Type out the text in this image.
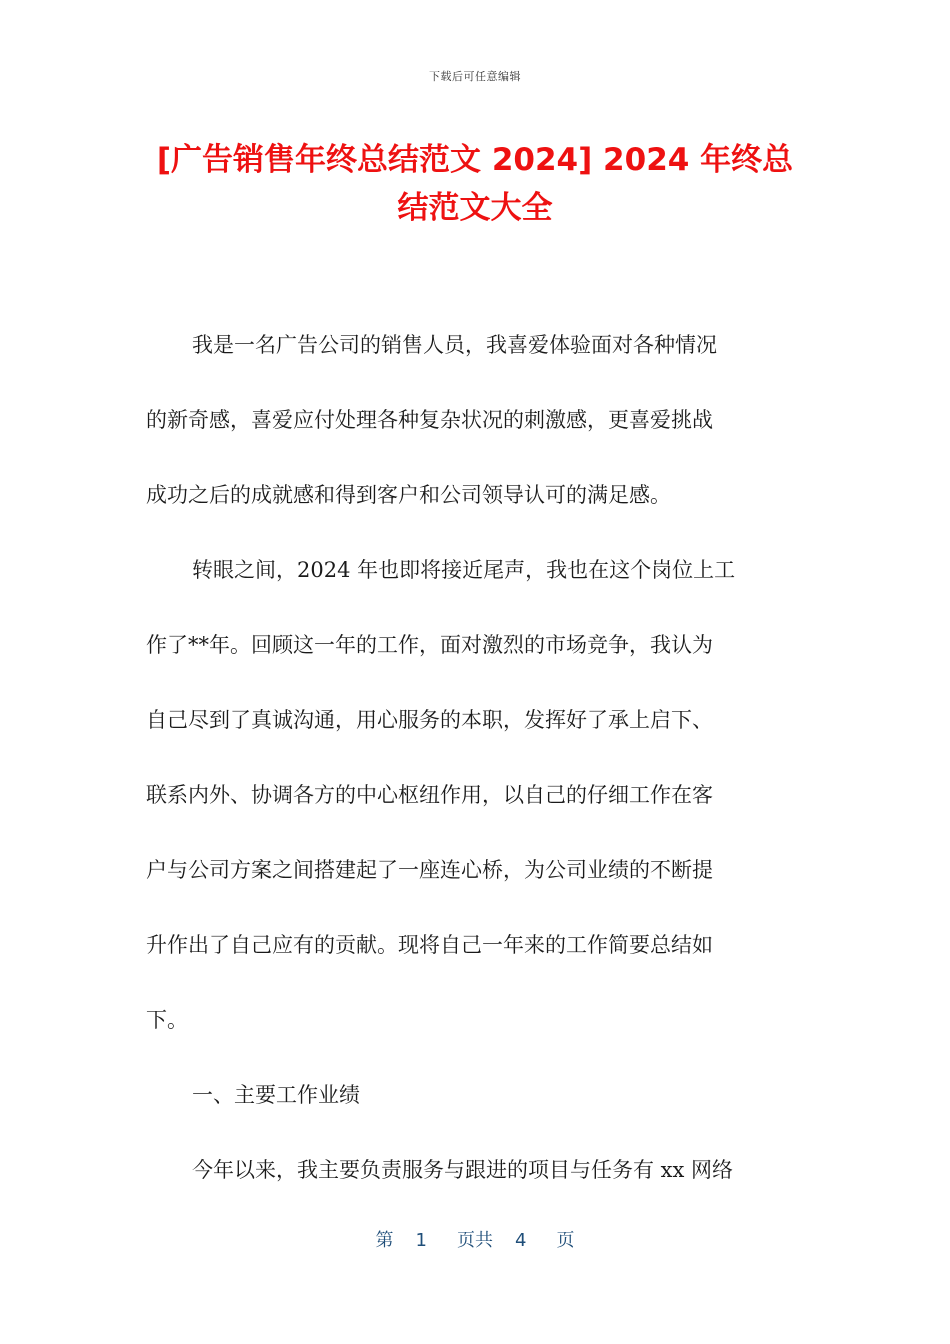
下载后可任意编辑
[广告销售年终总结范文 2024] 2024 年终总
结范文大全
我是一名广告公司的销售人员，我喜爱体验面对各种情况
的新奇感，喜爱应付处理各种复杂状况的刺激感，更喜爱挑战
成功之后的成就感和得到客户和公司领导认可的满足感。
转眼之间，2024 年也即将接近尾声，我也在这个岗位上工
作了**年。回顾这一年的工作，面对激烈的市场竞争，我认为
自己尽到了真诚沟通，用心服务的本职，发挥好了承上启下、
联系内外、协调各方的中心枢纽作用，以自己的仔细工作在客
户与公司方案之间搭建起了一座连心桥，为公司业绩的不断提
升作出了自己应有的贡献。现将自己一年来的工作简要总结如
下。
一、主要工作业绩
今年以来，我主要负责服务与跟进的项目与任务有 xx 网络
第 1 页共 4 页
